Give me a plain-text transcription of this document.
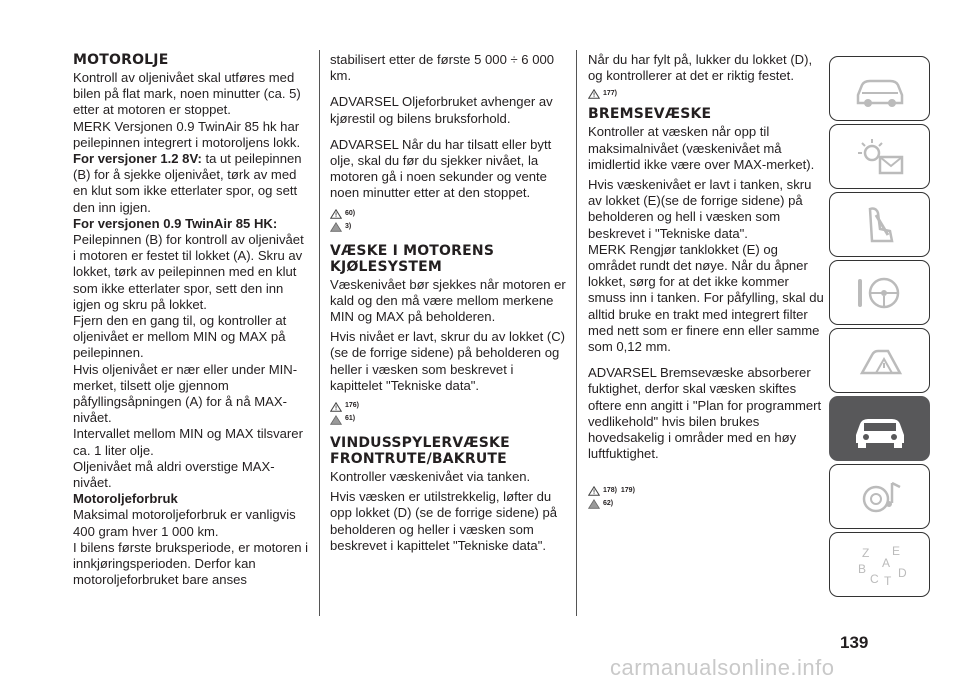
MOTOROLJE

Kontroll av oljenivået skal utføres med bilen på flat mark, noen minutter (ca. 5) etter at motoren er stoppet.

MERK Versjonen 0.9 TwinAir 85 hk har peilepinnen integrert i motoroljens lokk.

For versjoner 1.2 8V: ta ut peilepinnen (B) for å sjekke oljenivået, tørk av med en klut som ikke etterlater spor, og sett den inn igjen.

For versjonen 0.9 TwinAir 85 HK:
Peilepinnen (B) for kontroll av oljenivået i motoren er festet til lokket (A). Skru av lokket, tørk av peilepinnen med en klut som ikke etterlater spor, sett den inn igjen og skru på lokket.

Fjern den en gang til, og kontroller at oljenivået er mellom MIN og MAX på peilepinnen.

Hvis oljenivået er nær eller under MIN-merket, tilsett olje gjennom påfyllingsåpningen (A) for å nå MAX-nivået.

Intervallet mellom MIN og MAX tilsvarer ca. 1 liter olje.

Oljenivået må aldri overstige MAX-nivået.

Motoroljeforbruk

Maksimal motoroljeforbruk er vanligvis 400 gram hver 1 000 km.

I bilens første bruksperiode, er motoren i innkjøringsperioden. Derfor kan motoroljeforbruket bare anses

stabilisert etter de første 5 000 ÷ 6 000 km.

ADVARSEL Oljeforbruket avhenger av kjørestil og bilens bruksforhold.

ADVARSEL Når du har tilsatt eller bytt olje, skal du før du sjekker nivået, la motoren gå i noen sekunder og vente noen minutter etter at den stoppet.

60)
3)
VÆSKE I MOTORENS KJØLESYSTEM

Væskenivået bør sjekkes når motoren er kald og den må være mellom merkene MIN og MAX på beholderen.

Hvis nivået er lavt, skrur du av lokket (C) (se de forrige sidene) på beholderen og heller i væsken som beskrevet i kapittelet "Tekniske data".

176)
61)
VINDUSSPYLERVÆSKE FRONTRUTE/BAKRUTE

Kontroller væskenivået via tanken.

Hvis væsken er utilstrekkelig, løfter du opp lokket (D) (se de forrige sidene) på beholderen og heller i væsken som beskrevet i kapittelet "Tekniske data".

Når du har fylt på, lukker du lokket (D), og kontrollerer at det er riktig festet.

177)
BREMSEVÆSKE

Kontroller at væsken når opp til maksimalnivået (væskenivået må imidlertid ikke være over MAX-merket).

Hvis væskenivået er lavt i tanken, skru av lokket (E)(se de forrige sidene) på beholderen og hell i væsken som beskrevet i "Tekniske data".

MERK Rengjør tanklokket (E) og området rundt det nøye. Når du åpner lokket, sørg for at det ikke kommer smuss inn i tanken. For påfylling, skal du alltid bruke en trakt med integrert filter med nett som er finere enn eller samme som 0,12 mm.

ADVARSEL Bremsevæske absorberer fuktighet, derfor skal væsken skiftes oftere enn angitt i "Plan for programmert vedlikehold" hvis bilen brukes hovedsakelig i områder med en høy luftfuktighet.

178)  179)
62)
Z E
A
B
C T
D
139
carmanualsonline.info
